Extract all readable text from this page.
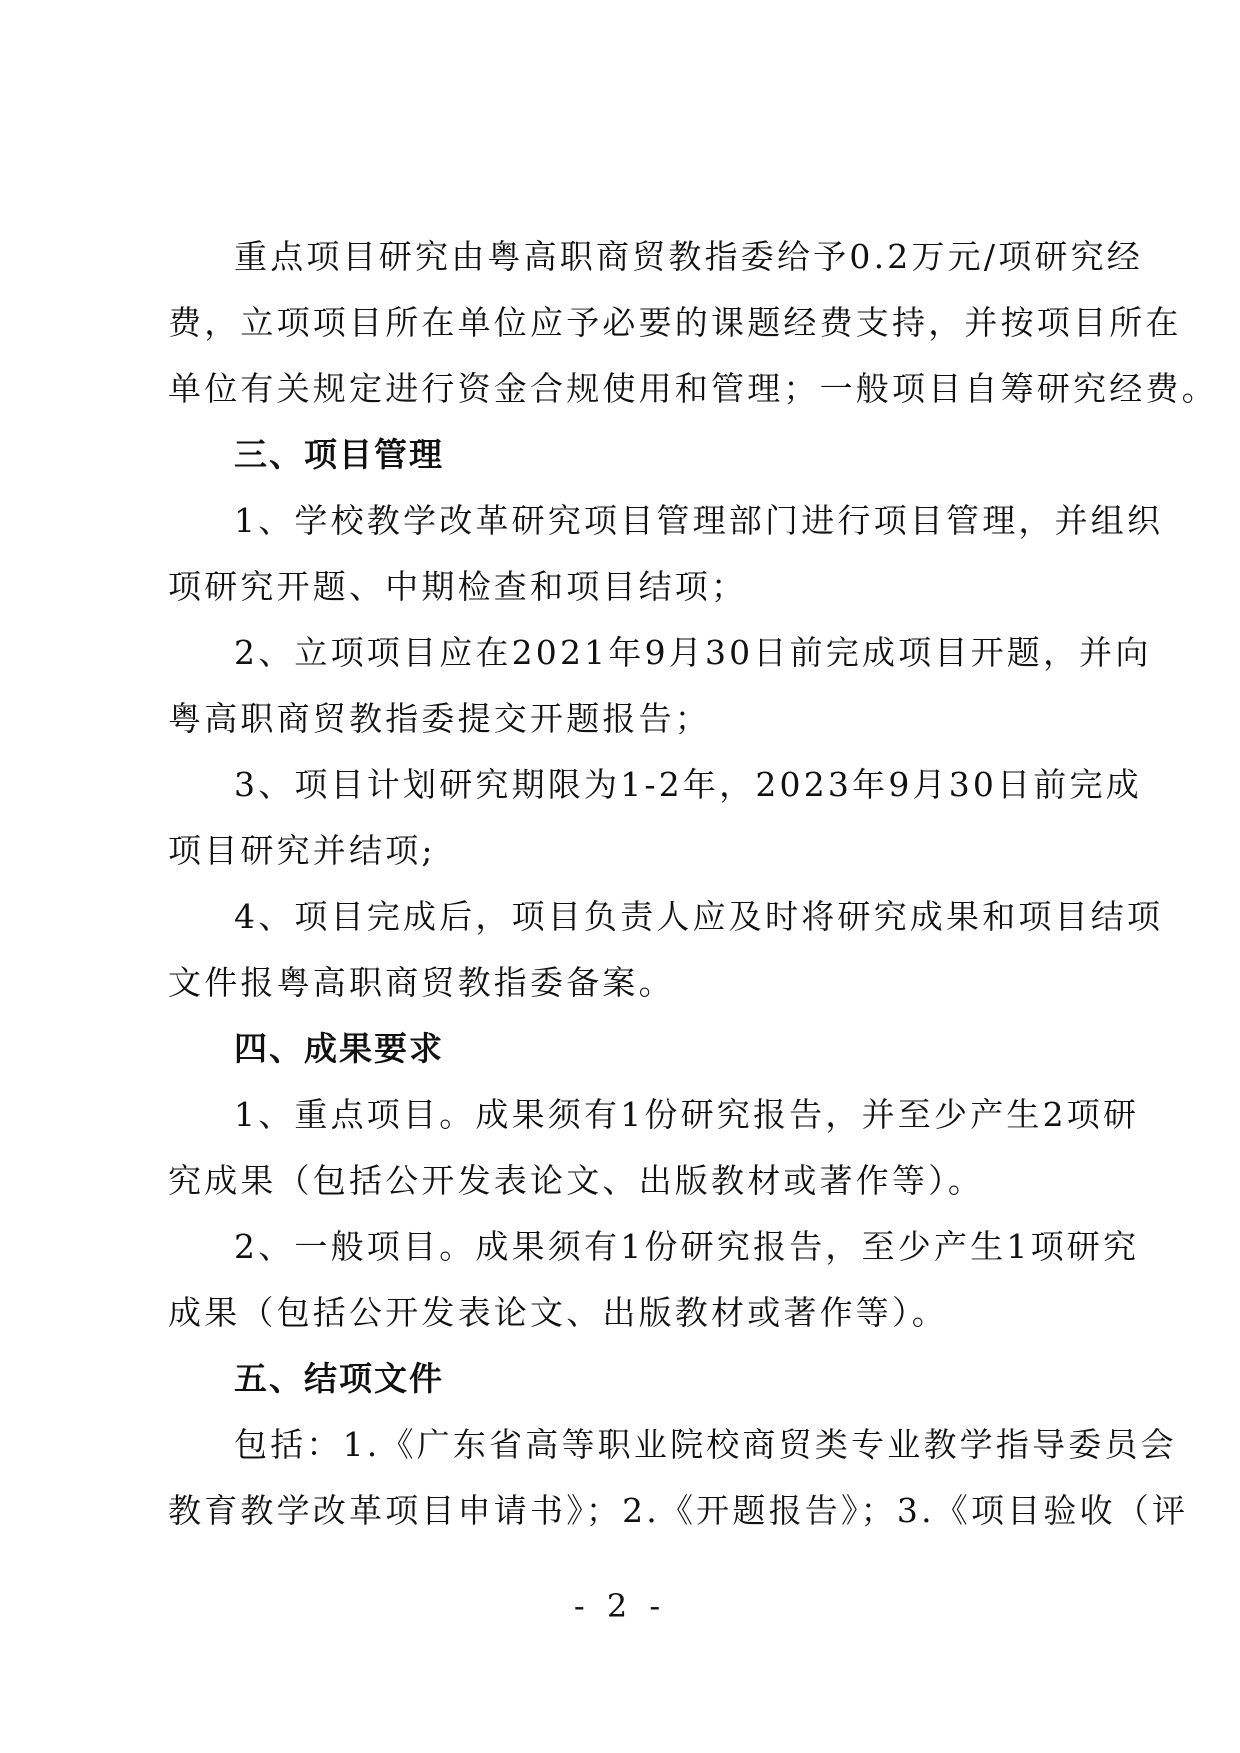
重点项目研究由粤高职商贸教指委给予0.2万元/项研究经
费，立项项目所在单位应予必要的课题经费支持，并按项目所在
单位有关规定进行资金合规使用和管理；一般项目自筹研究经费。
三、项目管理
1、学校教学改革研究项目管理部门进行项目管理，并组织
项研究开题、中期检查和项目结项；
2、立项项目应在2021年9月30日前完成项目开题，并向
粤高职商贸教指委提交开题报告；
3、项目计划研究期限为1-2年，2023年9月30日前完成
项目研究并结项;
4、项目完成后，项目负责人应及时将研究成果和项目结项
文件报粤高职商贸教指委备案。
四、成果要求
1、重点项目。成果须有1份研究报告，并至少产生2项研
究成果（包括公开发表论文、出版教材或著作等）。
2、一般项目。成果须有1份研究报告，至少产生1项研究
成果（包括公开发表论文、出版教材或著作等）。
五、结项文件
包括：1.《广东省高等职业院校商贸类专业教学指导委员会
教育教学改革项目申请书》；2.《开题报告》；3.《项目验收（评
- 2 -
